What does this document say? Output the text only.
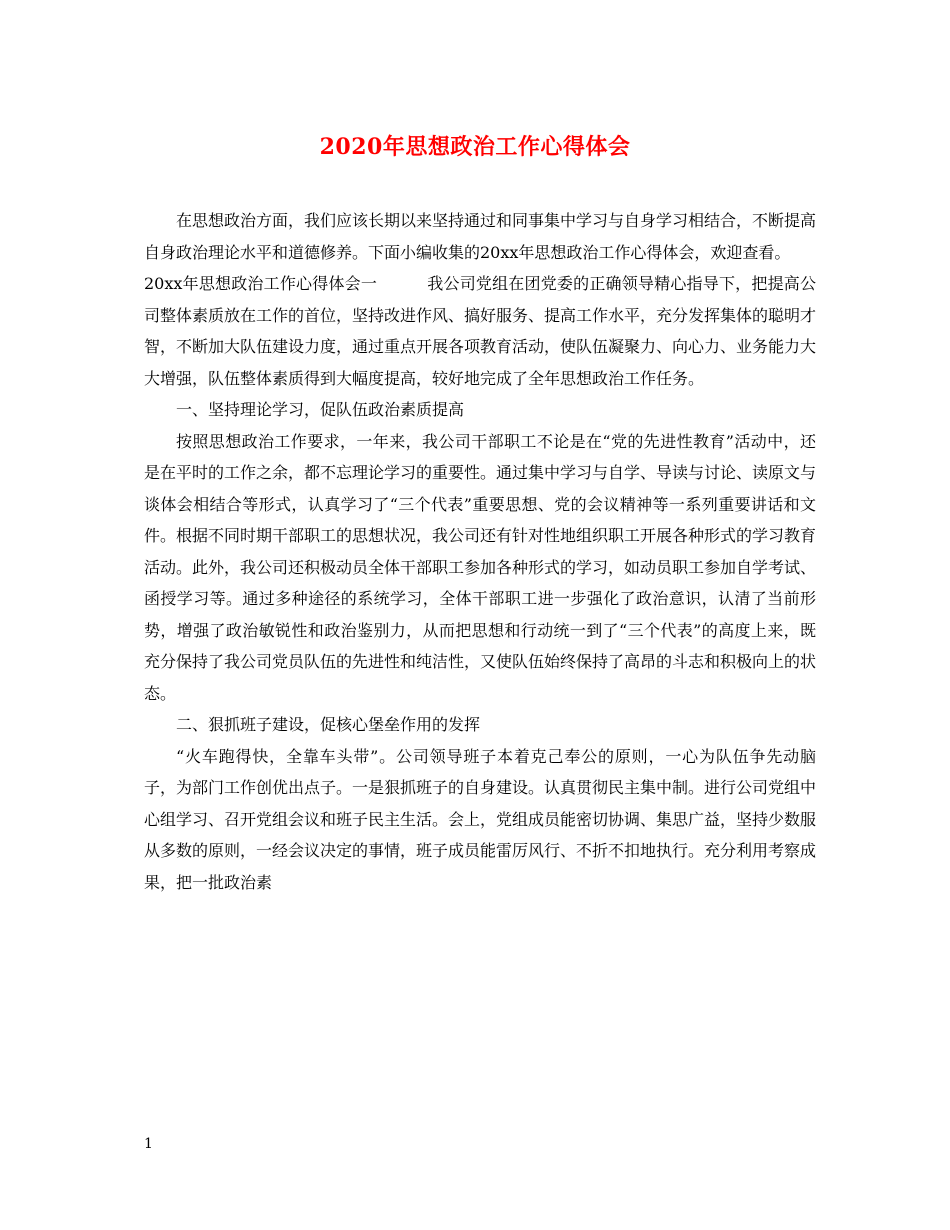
2020年思想政治工作心得体会

在思想政治方面，我们应该长期以来坚持通过和同事集中学习与自身学习相结合，不断提高自身政治理论水平和道德修养。下面小编收集的20xx年思想政治工作心得体会，欢迎查看。

20xx年思想政治工作心得体会一	我公司党组在团党委的正确领导精心指导下，把提高公司整体素质放在工作的首位，坚持改进作风、搞好服务、提高工作水平，充分发挥集体的聪明才智，不断加大队伍建设力度，通过重点开展各项教育活动，使队伍凝聚力、向心力、业务能力大大增强，队伍整体素质得到大幅度提高，较好地完成了全年思想政治工作任务。

一、坚持理论学习，促队伍政治素质提高

按照思想政治工作要求，一年来，我公司干部职工不论是在“党的先进性教育”活动中，还是在平时的工作之余，都不忘理论学习的重要性。通过集中学习与自学、导读与讨论、读原文与谈体会相结合等形式，认真学习了“三个代表”重要思想、党的会议精神等一系列重要讲话和文件。根据不同时期干部职工的思想状况，我公司还有针对性地组织职工开展各种形式的学习教育活动。此外，我公司还积极动员全体干部职工参加各种形式的学习，如动员职工参加自学考试、函授学习等。通过多种途径的系统学习，全体干部职工进一步强化了政治意识，认清了当前形势，增强了政治敏锐性和政治鉴别力，从而把思想和行动统一到了“三个代表”的高度上来，既充分保持了我公司党员队伍的先进性和纯洁性，又使队伍始终保持了高昂的斗志和积极向上的状态。

二、狠抓班子建设，促核心堡垒作用的发挥

“火车跑得快，全靠车头带”。公司领导班子本着克己奉公的原则，一心为队伍争先动脑子，为部门工作创优出点子。一是狠抓班子的自身建设。认真贯彻民主集中制。进行公司党组中心组学习、召开党组会议和班子民主生活。会上，党组成员能密切协调、集思广益，坚持少数服从多数的原则，一经会议决定的事情，班子成员能雷厉风行、不折不扣地执行。充分利用考察成果，把一批政治素

1
